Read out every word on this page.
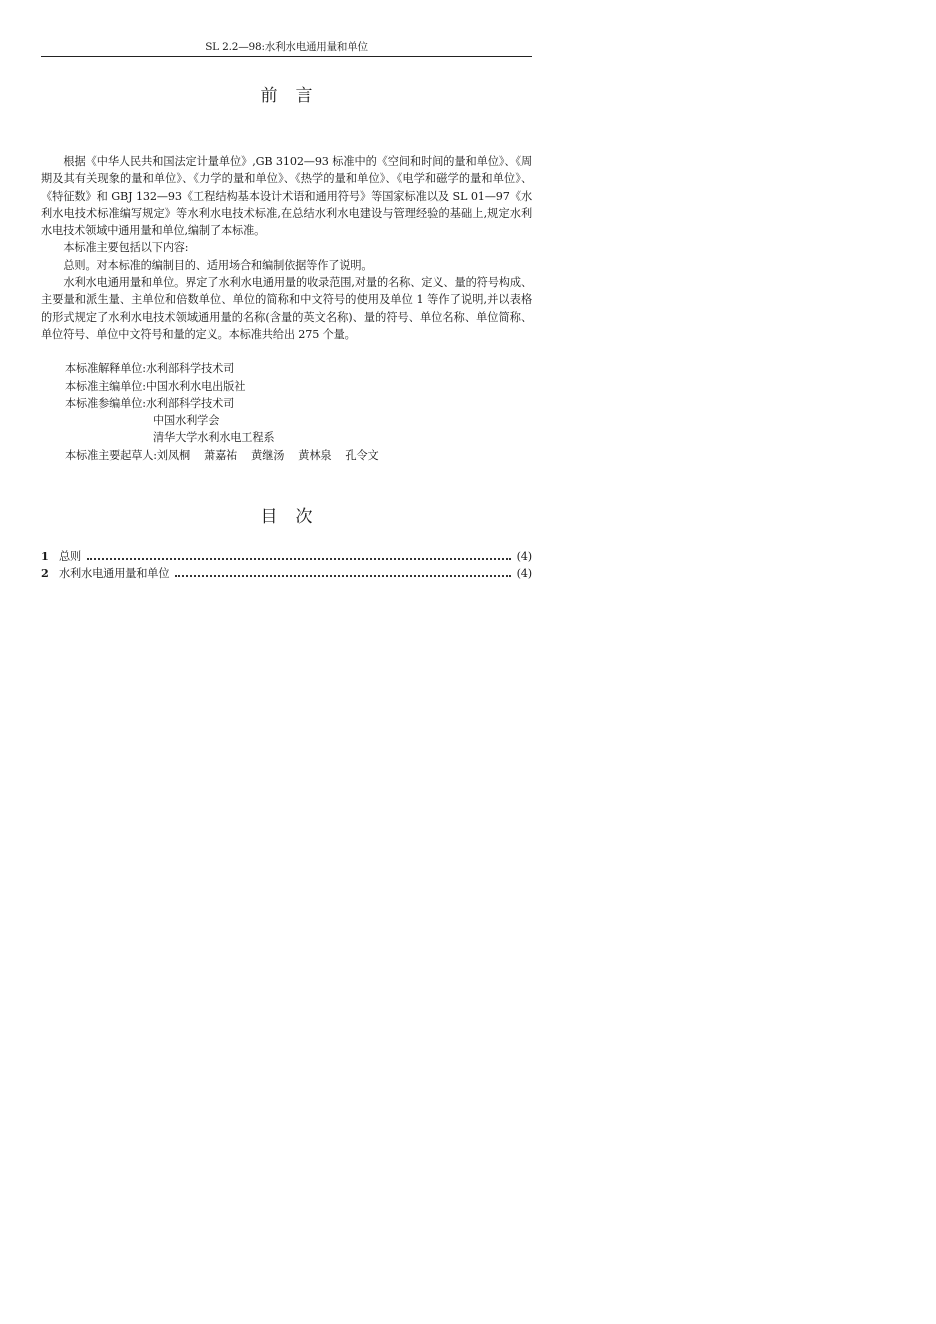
SL 2.2—98:水利水电通用量和单位
前 言

根据《中华人民共和国法定计量单位》,GB 3102—93 标准中的《空间和时间的量和单位》、《周期及其有关现象的量和单位》、《力学的量和单位》、《热学的量和单位》、《电学和磁学的量和单位》、《特征数》和 GBJ 132—93《工程结构基本设计术语和通用符号》等国家标准以及 SL 01—97《水利水电技术标准编写规定》等水利水电技术标准,在总结水利水电建设与管理经验的基础上,规定水利水电技术领域中通用量和单位,编制了本标准。

本标准主要包括以下内容:

总则。对本标准的编制目的、适用场合和编制依据等作了说明。

水利水电通用量和单位。界定了水利水电通用量的收录范围,对量的名称、定义、量的符号构成、主要量和派生量、主单位和倍数单位、单位的简称和中文符号的使用及单位 1 等作了说明,并以表格的形式规定了水利水电技术领域通用量的名称(含量的英文名称)、量的符号、单位名称、单位简称、单位符号、单位中文符号和量的定义。本标准共给出 275 个量。

本标准解释单位:水利部科学技术司
本标准主编单位:中国水利水电出版社
本标准参编单位:水利部科学技术司
中国水利学会
清华大学水利水电工程系
本标准主要起草人:刘凤桐 萧嘉祐 黄继汤 黄林泉 孔令文
目 次
1 总则	(4)
2 水利水电通用量和单位	(4)
